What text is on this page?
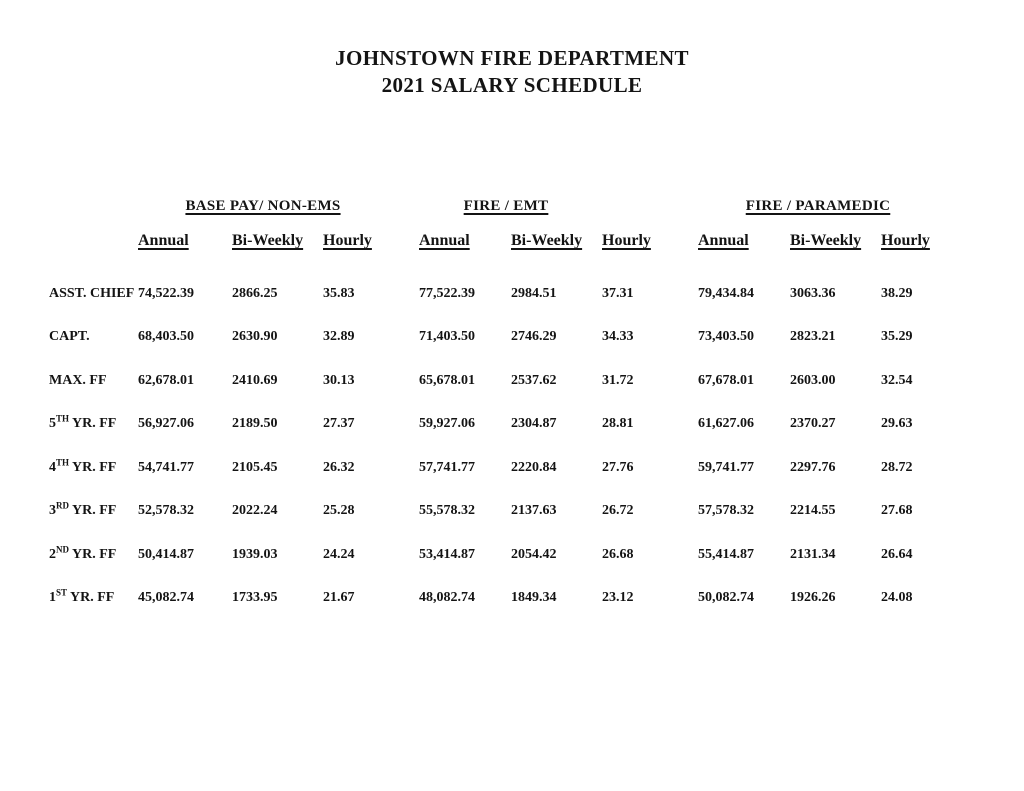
JOHNSTOWN FIRE DEPARTMENT
2021 SALARY SCHEDULE
BASE PAY/ NON-EMS	FIRE / EMT	FIRE / PARAMEDIC
Annual	Bi-Weekly Hourly	Annual	Bi-Weekly Hourly	Annual	Bi-Weekly Hourly
ASST. CHIEF 74,522.39	2866.25	35.83	77,522.39	2984.51	37.31	79,434.84	3063.36	38.29
CAPT.	68,403.50	2630.90	32.89	71,403.50	2746.29	34.33	73,403.50	2823.21	35.29
MAX. FF 62,678.01	2410.69	30.13	65,678.01	2537.62	31.72	67,678.01	2603.00	32.54
5TH YR. FF 56,927.06	2189.50	27.37	59,927.06	2304.87	28.81	61,627.06	2370.27	29.63
4TH YR. FF 54,741.77	2105.45	26.32	57,741.77	2220.84	27.76	59,741.77	2297.76	28.72
3RD YR. FF 52,578.32	2022.24	25.28	55,578.32	2137.63	26.72	57,578.32	2214.55	27.68
2ND YR. FF 50,414.87	1939.03	24.24	53,414.87	2054.42	26.68	55,414.87	2131.34	26.64
1ST YR. FF 45,082.74	1733.95	21.67	48,082.74	1849.34	23.12	50,082.74	1926.26	24.08
